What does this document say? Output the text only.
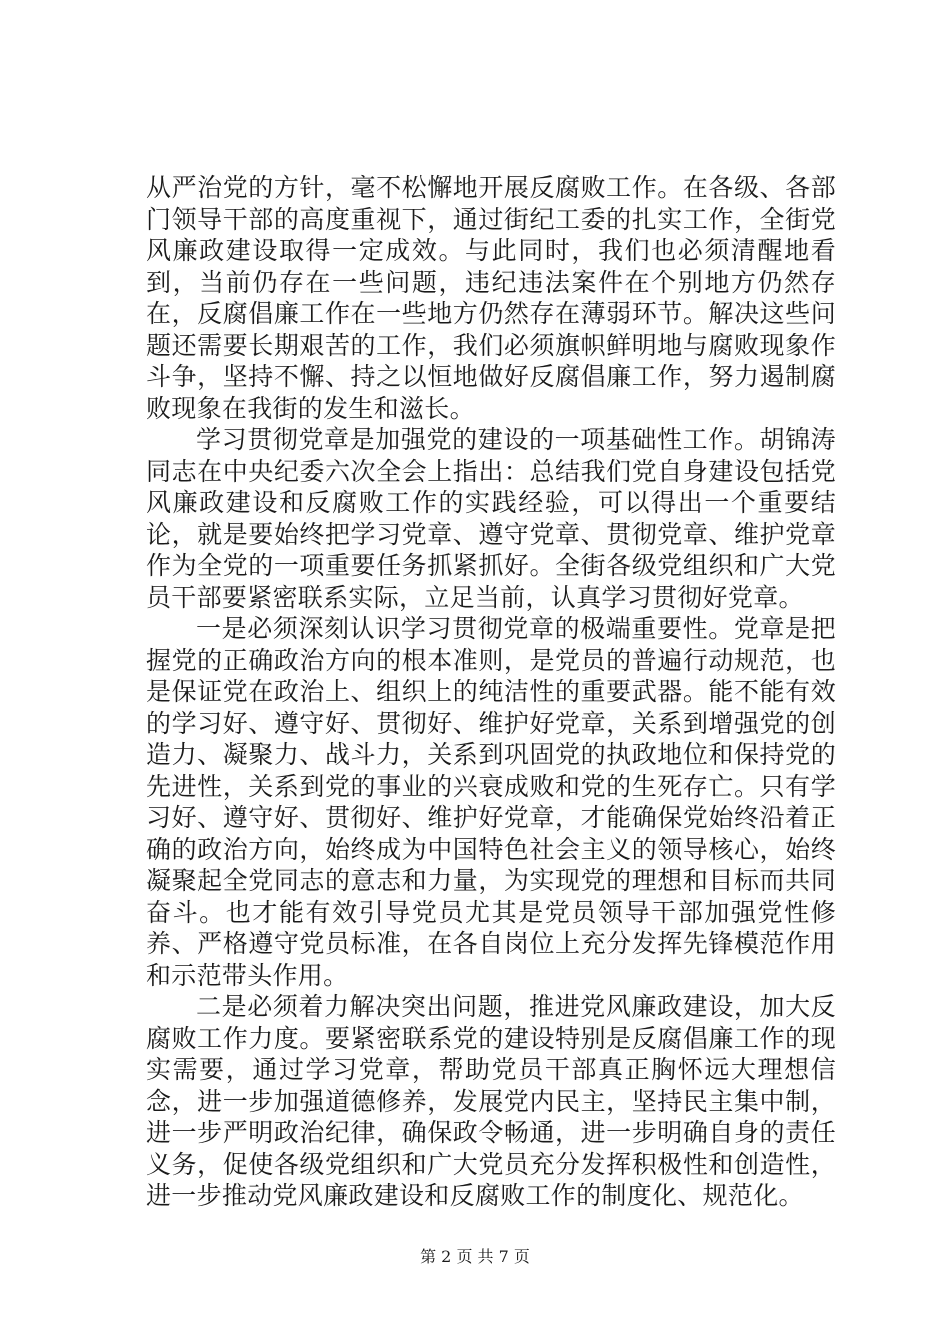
从严治党的方针，毫不松懈地开展反腐败工作。在各级、各部门领导干部的高度重视下，通过街纪工委的扎实工作，全街党风廉政建设取得一定成效。与此同时，我们也必须清醒地看到，当前仍存在一些问题，违纪违法案件在个别地方仍然存在，反腐倡廉工作在一些地方仍然存在薄弱环节。解决这些问题还需要长期艰苦的工作，我们必须旗帜鲜明地与腐败现象作斗争，坚持不懈、持之以恒地做好反腐倡廉工作，努力遏制腐败现象在我街的发生和滋长。

学习贯彻党章是加强党的建设的一项基础性工作。胡锦涛同志在中央纪委六次全会上指出：总结我们党自身建设包括党风廉政建设和反腐败工作的实践经验，可以得出一个重要结论，就是要始终把学习党章、遵守党章、贯彻党章、维护党章作为全党的一项重要任务抓紧抓好。全街各级党组织和广大党员干部要紧密联系实际，立足当前，认真学习贯彻好党章。

一是必须深刻认识学习贯彻党章的极端重要性。党章是把握党的正确政治方向的根本准则，是党员的普遍行动规范，也是保证党在政治上、组织上的纯洁性的重要武器。能不能有效的学习好、遵守好、贯彻好、维护好党章，关系到增强党的创造力、凝聚力、战斗力，关系到巩固党的执政地位和保持党的先进性，关系到党的事业的兴衰成败和党的生死存亡。只有学习好、遵守好、贯彻好、维护好党章，才能确保党始终沿着正确的政治方向，始终成为中国特色社会主义的领导核心，始终凝聚起全党同志的意志和力量，为实现党的理想和目标而共同奋斗。也才能有效引导党员尤其是党员领导干部加强党性修养、严格遵守党员标准，在各自岗位上充分发挥先锋模范作用和示范带头作用。

二是必须着力解决突出问题，推进党风廉政建设，加大反腐败工作力度。要紧密联系党的建设特别是反腐倡廉工作的现实需要，通过学习党章，帮助党员干部真正胸怀远大理想信念，进一步加强道德修养，发展党内民主，坚持民主集中制，进一步严明政治纪律，确保政令畅通，进一步明确自身的责任义务，促使各级党组织和广大党员充分发挥积极性和创造性，进一步推动党风廉政建设和反腐败工作的制度化、规范化。

第 2 页 共 7 页
